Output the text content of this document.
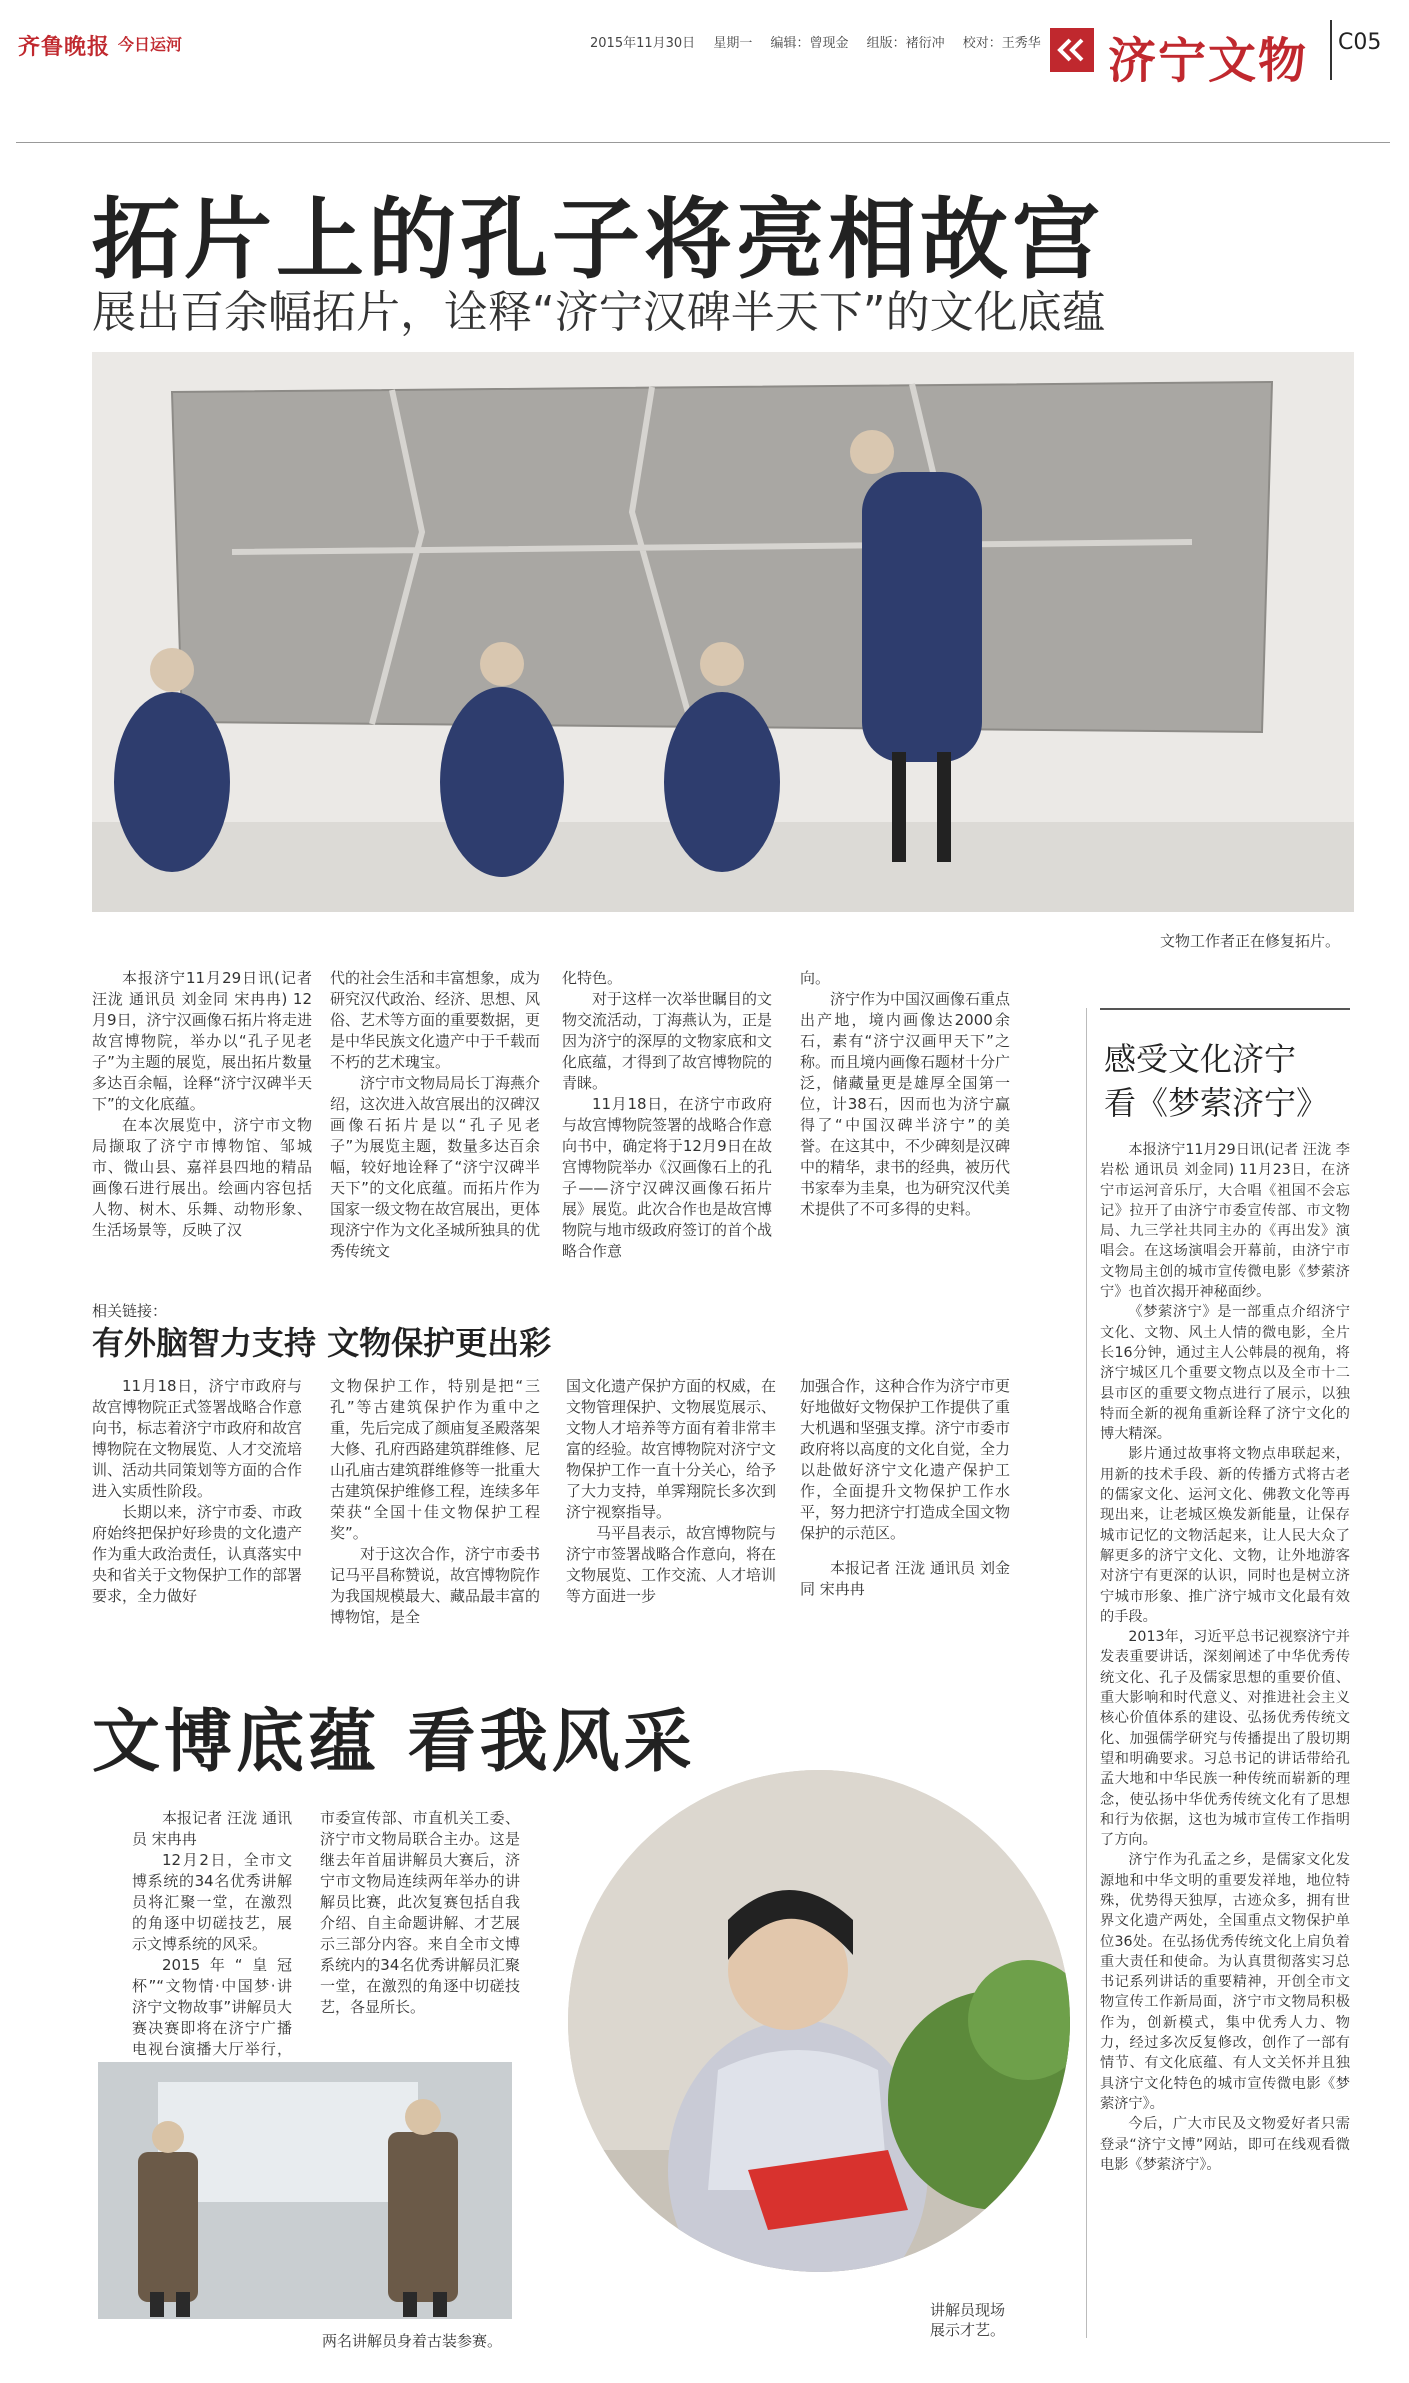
齐鲁晚报 今日运河	2015年11月30日 星期一 编辑：曾现金 组版：褚衍冲 校对：王秀华 济宁文物 C05
拓片上的孔子将亮相故宫
展出百余幅拓片，诠释“济宁汉碑半天下”的文化底蕴
文物工作者正在修复拓片。

本报济宁11月29日讯(记者 汪泷 通讯员 刘金同 宋冉冉) 12月9日，济宁汉画像石拓片将走进故宫博物院，举办以“孔子见老子”为主题的展览，展出拓片数量多达百余幅，诠释“济宁汉碑半天下”的文化底蕴。

在本次展览中，济宁市文物局撷取了济宁市博物馆、邹城市、微山县、嘉祥县四地的精品画像石进行展出。绘画内容包括人物、树木、乐舞、动物形象、生活场景等，反映了汉

代的社会生活和丰富想象，成为研究汉代政治、经济、思想、风俗、艺术等方面的重要数据，更是中华民族文化遗产中于千载而不朽的艺术瑰宝。

济宁市文物局局长丁海燕介绍，这次进入故宫展出的汉碑汉画像石拓片是以“孔子见老子”为展览主题，数量多达百余幅，较好地诠释了“济宁汉碑半天下”的文化底蕴。而拓片作为国家一级文物在故宫展出，更体现济宁作为文化圣城所独具的优秀传统文

化特色。

对于这样一次举世瞩目的文物交流活动，丁海燕认为，正是因为济宁的深厚的文物家底和文化底蕴，才得到了故宫博物院的青睐。

11月18日，在济宁市政府与故宫博物院签署的战略合作意向书中，确定将于12月9日在故宫博物院举办《汉画像石上的孔子——济宁汉碑汉画像石拓片展》展览。此次合作也是故宫博物院与地市级政府签订的首个战略合作意

向。

济宁作为中国汉画像石重点出产地，境内画像达2000余石，素有“济宁汉画甲天下”之称。而且境内画像石题材十分广泛，储藏量更是雄厚全国第一位，计38石，因而也为济宁赢得了“中国汉碑半济宁”的美誉。在这其中，不少碑刻是汉碑中的精华，隶书的经典，被历代书家奉为圭臬，也为研究汉代美术提供了不可多得的史料。

相关链接：
有外脑智力支持 文物保护更出彩

11月18日，济宁市政府与故宫博物院正式签署战略合作意向书，标志着济宁市政府和故宫博物院在文物展览、人才交流培训、活动共同策划等方面的合作进入实质性阶段。

长期以来，济宁市委、市政府始终把保护好珍贵的文化遗产作为重大政治责任，认真落实中央和省关于文物保护工作的部署要求，全力做好

文物保护工作，特别是把“三孔”等古建筑保护作为重中之重，先后完成了颜庙复圣殿落架大修、孔府西路建筑群维修、尼山孔庙古建筑群维修等一批重大古建筑保护维修工程，连续多年荣获“全国十佳文物保护工程奖”。

对于这次合作，济宁市委书记马平昌称赞说，故宫博物院作为我国规模最大、藏品最丰富的博物馆，是全

国文化遗产保护方面的权威，在文物管理保护、文物展览展示、文物人才培养等方面有着非常丰富的经验。故宫博物院对济宁文物保护工作一直十分关心，给予了大力支持，单霁翔院长多次到济宁视察指导。

马平昌表示，故宫博物院与济宁市签署战略合作意向，将在文物展览、工作交流、人才培训等方面进一步

加强合作，这种合作为济宁市更好地做好文物保护工作提供了重大机遇和坚强支撑。济宁市委市政府将以高度的文化自觉，全力以赴做好济宁文化遗产保护工作，全面提升文物保护工作水平，努力把济宁打造成全国文物保护的示范区。

本报记者 汪泷 通讯员 刘金同 宋冉冉

文博底蕴 看我风采

本报记者 汪泷 通讯员 宋冉冉

12月2日，全市文博系统的34名优秀讲解员将汇聚一堂，在激烈的角逐中切磋技艺，展示文博系统的风采。

2015年“皇冠杯”“文物情·中国梦·讲济宁文物故事”讲解员大赛决赛即将在济宁广播电视台演播大厅举行，

市委宣传部、市直机关工委、济宁市文物局联合主办。这是继去年首届讲解员大赛后，济宁市文物局连续两年举办的讲解员比赛，此次复赛包括自我介绍、自主命题讲解、才艺展示三部分内容。来自全市文博系统内的34名优秀讲解员汇聚一堂，在激烈的角逐中切磋技艺，各显所长。

两名讲解员身着古装参赛。
讲解员现场
展示才艺。
感受文化济宁
看《梦萦济宁》

本报济宁11月29日讯(记者 汪泷 李岩松 通讯员 刘金同) 11月23日，在济宁市运河音乐厅，大合唱《祖国不会忘记》拉开了由济宁市委宣传部、市文物局、九三学社共同主办的《再出发》演唱会。在这场演唱会开幕前，由济宁市文物局主创的城市宣传微电影《梦萦济宁》也首次揭开神秘面纱。

《梦萦济宁》是一部重点介绍济宁文化、文物、风土人情的微电影，全片长16分钟，通过主人公韩晨的视角，将济宁城区几个重要文物点以及全市十二县市区的重要文物点进行了展示，以独特而全新的视角重新诠释了济宁文化的博大精深。

影片通过故事将文物点串联起来，用新的技术手段、新的传播方式将古老的儒家文化、运河文化、佛教文化等再现出来，让老城区焕发新能量，让保存城市记忆的文物活起来，让人民大众了解更多的济宁文化、文物，让外地游客对济宁有更深的认识，同时也是树立济宁城市形象、推广济宁城市文化最有效的手段。

2013年，习近平总书记视察济宁并发表重要讲话，深刻阐述了中华优秀传统文化、孔子及儒家思想的重要价值、重大影响和时代意义、对推进社会主义核心价值体系的建设、弘扬优秀传统文化、加强儒学研究与传播提出了殷切期望和明确要求。习总书记的讲话带给孔孟大地和中华民族一种传统而崭新的理念，使弘扬中华优秀传统文化有了思想和行为依据，这也为城市宣传工作指明了方向。

济宁作为孔孟之乡，是儒家文化发源地和中华文明的重要发祥地，地位特殊，优势得天独厚，古迹众多，拥有世界文化遗产两处，全国重点文物保护单位36处。在弘扬优秀传统文化上肩负着重大责任和使命。为认真贯彻落实习总书记系列讲话的重要精神，开创全市文物宣传工作新局面，济宁市文物局积极作为，创新模式，集中优秀人力、物力，经过多次反复修改，创作了一部有情节、有文化底蕴、有人文关怀并且独具济宁文化特色的城市宣传微电影《梦萦济宁》。

今后，广大市民及文物爱好者只需登录“济宁文博”网站，即可在线观看微电影《梦萦济宁》。
